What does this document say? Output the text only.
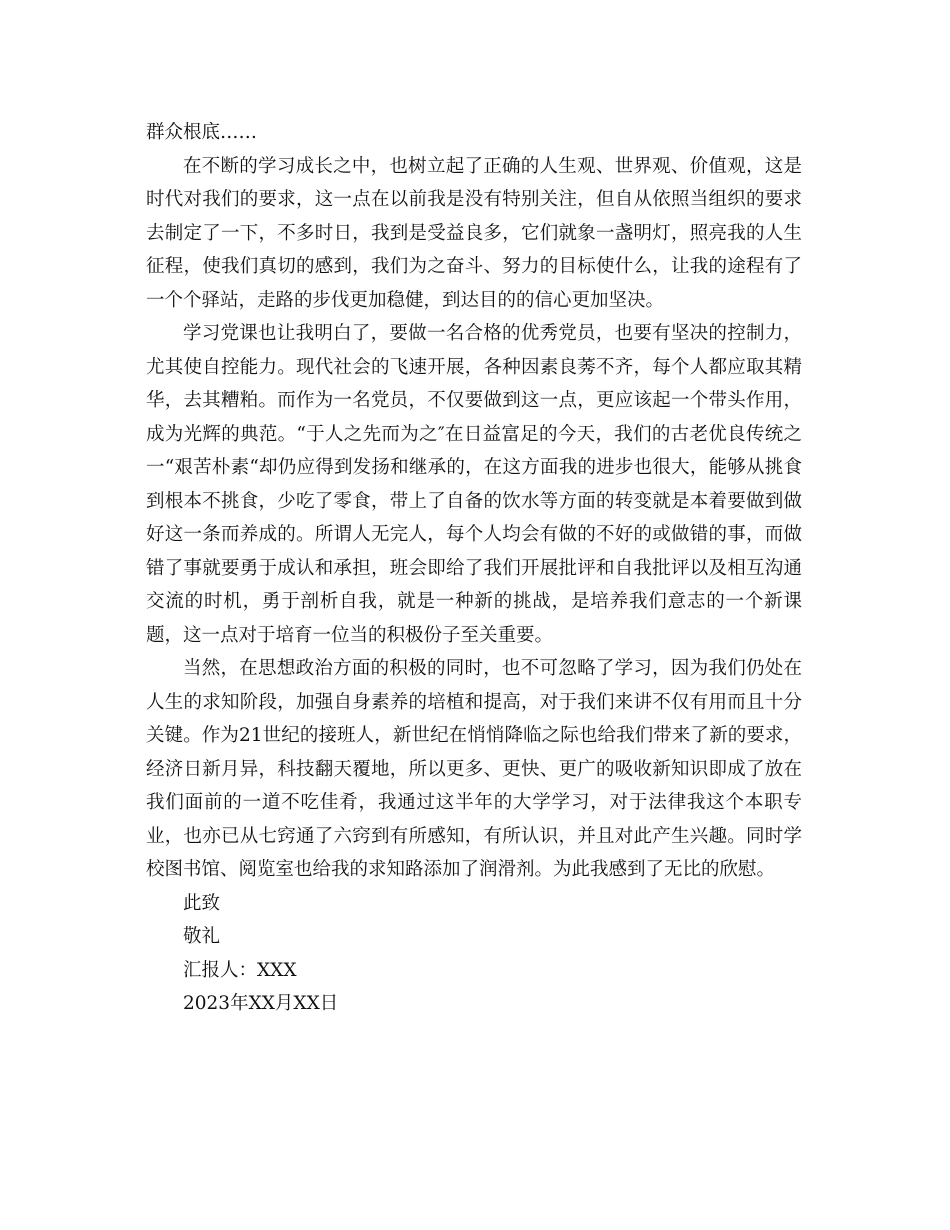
群众根底……

在不断的学习成长之中，也树立起了正确的人生观、世界观、价值观，这是时代对我们的要求，这一点在以前我是没有特别关注，但自从依照当组织的要求去制定了一下，不多时日，我到是受益良多，它们就象一盏明灯，照亮我的人生征程，使我们真切的感到，我们为之奋斗、努力的目标使什么，让我的途程有了一个个驿站，走路的步伐更加稳健，到达目的的信心更加坚决。

学习党课也让我明白了，要做一名合格的优秀党员，也要有坚决的控制力，尤其使自控能力。现代社会的飞速开展，各种因素良莠不齐，每个人都应取其精华，去其糟粕。而作为一名党员，不仅要做到这一点，更应该起一个带头作用，成为光辉的典范。“于人之先而为之″在日益富足的今天，我们的古老优良传统之一“艰苦朴素“却仍应得到发扬和继承的，在这方面我的进步也很大，能够从挑食到根本不挑食，少吃了零食，带上了自备的饮水等方面的转变就是本着要做到做好这一条而养成的。所谓人无完人，每个人均会有做的不好的或做错的事，而做错了事就要勇于成认和承担，班会即给了我们开展批评和自我批评以及相互沟通交流的时机，勇于剖析自我，就是一种新的挑战，是培养我们意志的一个新课题，这一点对于培育一位当的积极份子至关重要。

当然，在思想政治方面的积极的同时，也不可忽略了学习，因为我们仍处在人生的求知阶段，加强自身素养的培植和提高，对于我们来讲不仅有用而且十分关键。作为21世纪的接班人，新世纪在悄悄降临之际也给我们带来了新的要求，经济日新月异，科技翻天覆地，所以更多、更快、更广的吸收新知识即成了放在我们面前的一道不吃佳肴，我通过这半年的大学学习，对于法律我这个本职专业，也亦已从七窍通了六窍到有所感知，有所认识，并且对此产生兴趣。同时学校图书馆、阅览室也给我的求知路添加了润滑剂。为此我感到了无比的欣慰。

此致

敬礼

汇报人：XXX

2023年XX月XX日
